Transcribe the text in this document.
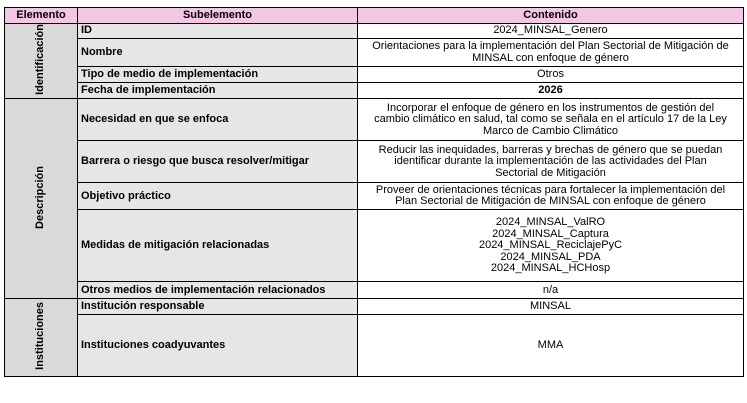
Elemento	Subelemento	Contenido
Identificación	ID	2024_MINSAL_Genero

	Nombre	Orientaciones para la implementación del Plan Sectorial de Mitigación de
MINSAL con enfoque de género

	Tipo de medio de implementación	Otros

	Fecha de implementación	2026

Descripción	Necesidad en que se enfoca	Incorporar el enfoque de género en los instrumentos de gestión del
cambio climático en salud, tal como se señala en el artículo 17 de la Ley
Marco de Cambio Climático

	Barrera o riesgo que busca resolver/mitigar	Reducir las inequidades, barreras y brechas de género que se puedan
identificar durante la implementación de las actividades del Plan
Sectorial de Mitigación

	Objetivo práctico	Proveer de orientaciones técnicas para fortalecer la implementación del
Plan Sectorial de Mitigación de MINSAL con enfoque de género

	Medidas de mitigación relacionadas	2024_MINSAL_ValRO
2024_MINSAL_Captura
2024_MINSAL_ReciclajePyC
2024_MINSAL_PDA
2024_MINSAL_HCHosp

	Otros medios de implementación relacionados	n/a

Instituciones	Institución responsable	MINSAL

	Instituciones coadyuvantes	MMA
